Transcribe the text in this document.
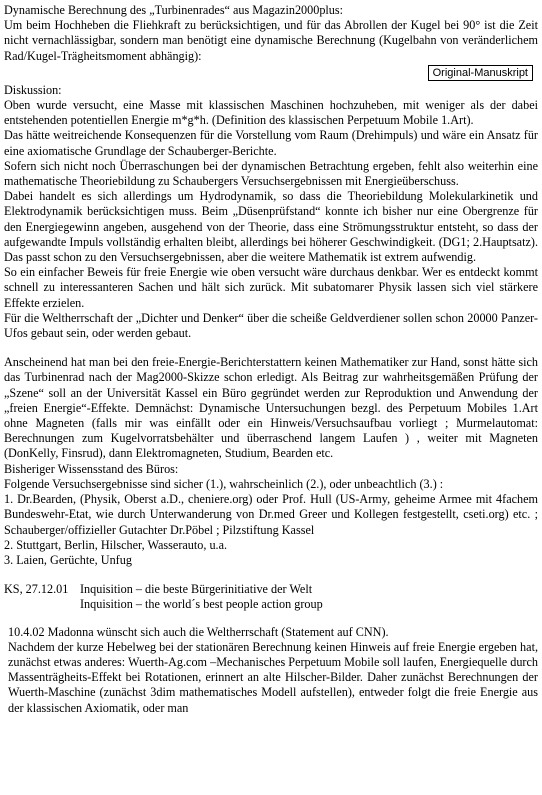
Dynamische Berechnung des „Turbinenrades“ aus Magazin2000plus:

Um beim Hochheben die Fliehkraft zu berücksichtigen, und für das Abrollen der Kugel bei 90° ist die Zeit nicht vernachlässigbar, sondern man benötigt eine dynamische Berechnung (Kugelbahn von veränderlichem Rad/Kugel-Trägheitsmoment abhängig):

Original-Manuskript

Diskussion:

Oben wurde versucht, eine Masse mit klassischen Maschinen hochzuheben, mit weniger als der dabei entstehenden potentiellen Energie m*g*h. (Definition des klassischen Perpetuum Mobile 1.Art).

Das hätte weitreichende Konsequenzen für die Vorstellung vom Raum (Drehimpuls) und wäre ein Ansatz für eine axiomatische Grundlage der Schauberger-Berichte.

Sofern sich nicht noch Überraschungen bei der dynamischen Betrachtung ergeben, fehlt also weiterhin eine mathematische Theoriebildung zu Schaubergers Versuchsergebnissen mit Energieüberschuss.

Dabei handelt es sich allerdings um Hydrodynamik, so dass die Theoriebildung Molekularkinetik und Elektrodynamik berücksichtigen muss. Beim „Düsenprüfstand“ konnte ich bisher nur eine Obergrenze für den Energiegewinn angeben, ausgehend von der Theorie, dass eine Strömungsstruktur entsteht, so dass der aufgewandte Impuls vollständig erhalten bleibt, allerdings bei höherer Geschwindigkeit. (DG1; 2.Hauptsatz). Das passt schon zu den Versuchsergebnissen, aber die weitere Mathematik ist extrem aufwendig.

So ein einfacher Beweis für freie Energie wie oben versucht wäre durchaus denkbar. Wer es entdeckt kommt schnell zu interessanteren Sachen und hält sich zurück. Mit subatomarer Physik lassen sich viel stärkere Effekte erzielen.

Für die Weltherrschaft der „Dichter und Denker“ über die scheiße Geldverdiener sollen schon 20000 Panzer-Ufos gebaut sein, oder werden gebaut.

Anscheinend hat man bei den freie-Energie-Berichterstattern keinen Mathematiker zur Hand, sonst hätte sich das Turbinenrad nach der Mag2000-Skizze schon erledigt. Als Beitrag zur wahrheitsgemäßen Prüfung der „Szene“ soll an der Universität Kassel ein Büro gegründet werden zur Reproduktion und Anwendung der „freien Energie“-Effekte. Demnächst: Dynamische Untersuchungen bezgl. des Perpetuum Mobiles 1.Art ohne Magneten (falls mir was einfällt oder ein Hinweis/Versuchsaufbau vorliegt ; Murmelautomat: Berechnungen zum Kugelvorratsbehälter und überraschend langem Laufen ) , weiter mit Magneten (DonKelly, Finsrud), dann Elektromagneten, Studium, Bearden etc.

Bisheriger Wissensstand des Büros:

Folgende Versuchsergebnisse sind sicher (1.), wahrscheinlich (2.), oder unbeachtlich (3.) :

1. Dr.Bearden, (Physik, Oberst a.D., cheniere.org) oder Prof. Hull (US-Army, geheime Armee mit 4fachem Bundeswehr-Etat, wie durch Unterwanderung von Dr.med Greer und Kollegen festgestellt, cseti.org) etc. ; Schauberger/offizieller Gutachter Dr.Pöbel ; Pilzstiftung Kassel

2. Stuttgart, Berlin, Hilscher, Wasserauto, u.a.

3. Laien, Gerüchte, Unfug

KS, 27.12.01 Inquisition – die beste Bürgerinitiative der Welt
Inquisition – the world´s best people action group

10.4.02 Madonna wünscht sich auch die Weltherrschaft (Statement auf CNN).

Nachdem der kurze Hebelweg bei der stationären Berechnung keinen Hinweis auf freie Energie ergeben hat, zunächst etwas anderes: Wuerth-Ag.com –Mechanisches Perpetuum Mobile soll laufen, Energiequelle durch Massenträgheits-Effekt bei Rotationen, erinnert an alte Hilscher-Bilder. Daher zunächst Berechnungen der Wuerth-Maschine (zunächst 3dim mathematisches Modell aufstellen), entweder folgt die freie Energie aus der klassischen Axiomatik, oder man
